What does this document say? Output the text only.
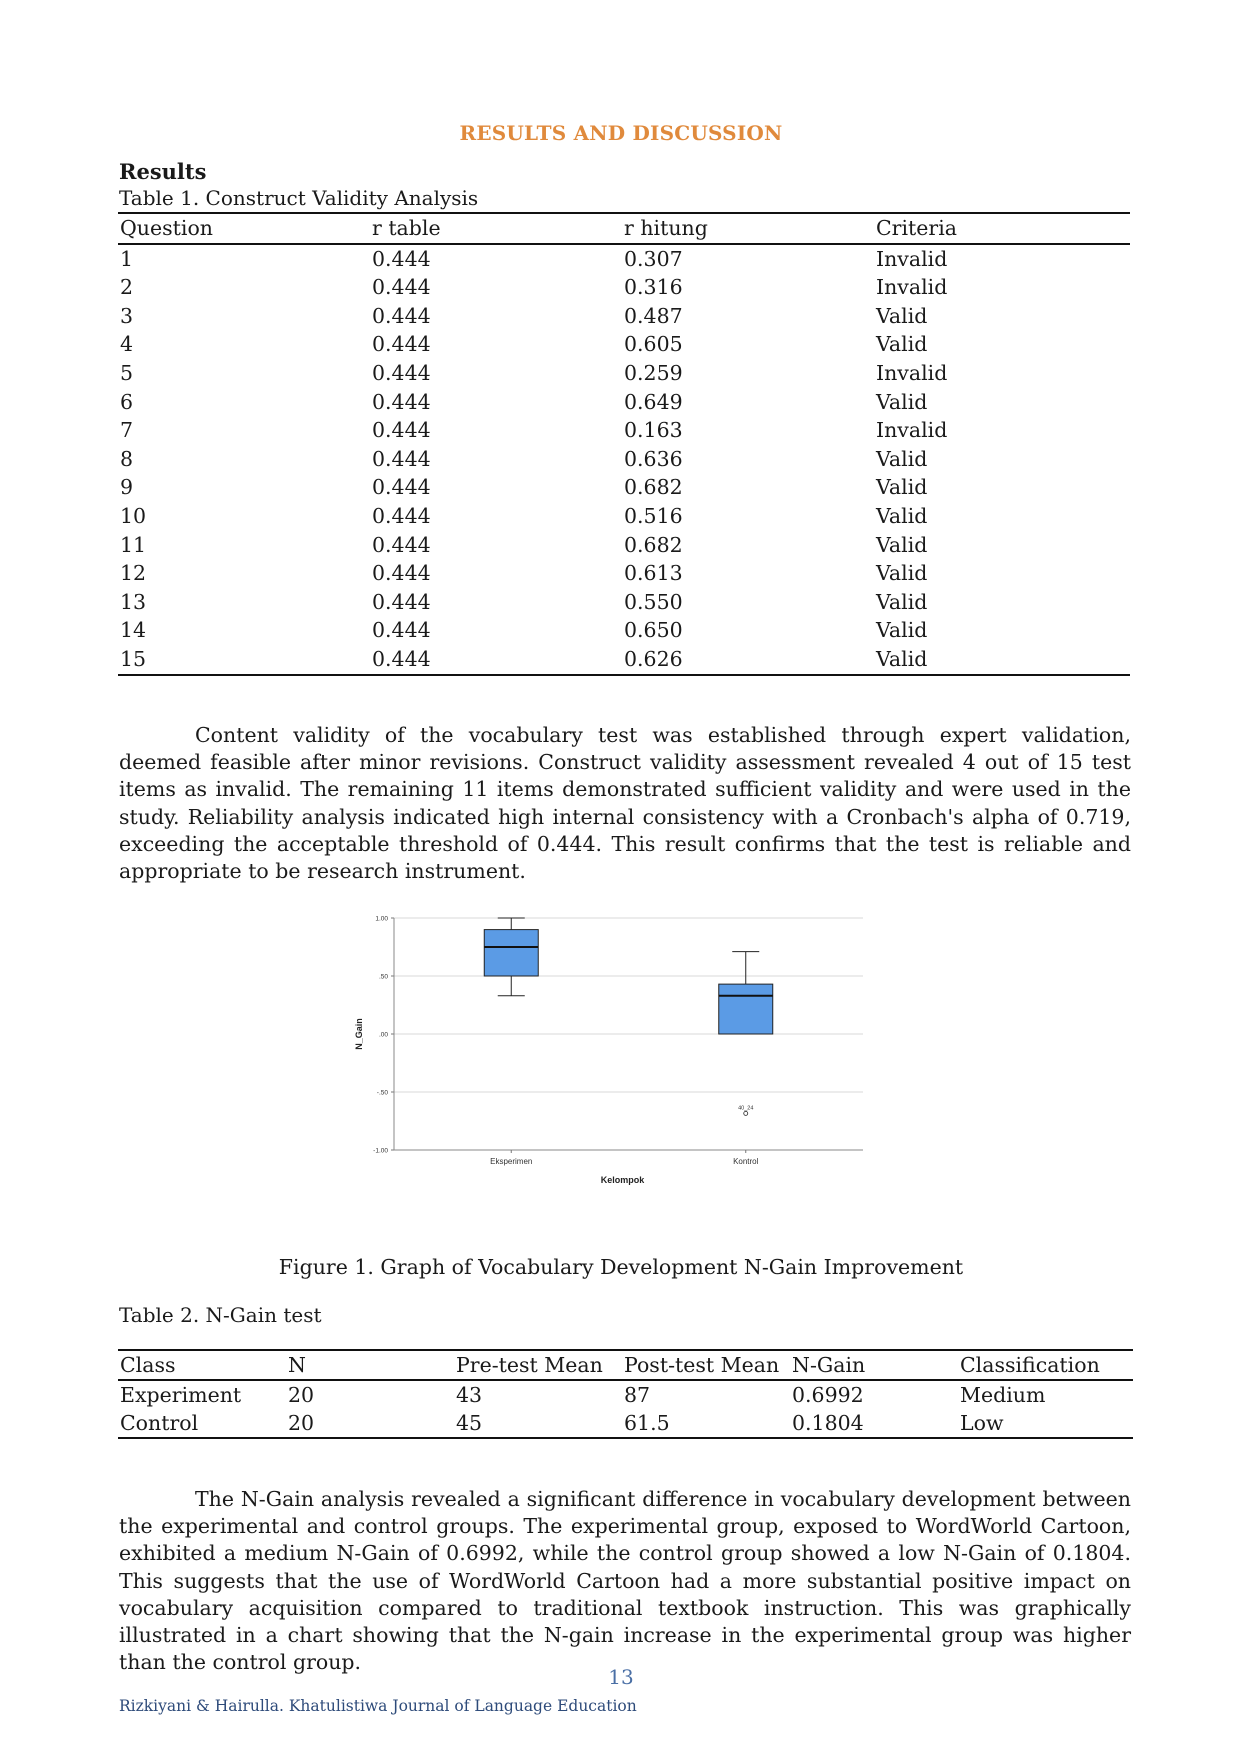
RESULTS AND DISCUSSION
Results
Table 1. Construct Validity Analysis
Question	r table	r hitung	Criteria
1	0.444	0.307	Invalid
2	0.444	0.316	Invalid
3	0.444	0.487	Valid
4	0.444	0.605	Valid
5	0.444	0.259	Invalid
6	0.444	0.649	Valid
7	0.444	0.163	Invalid
8	0.444	0.636	Valid
9	0.444	0.682	Valid
10	0.444	0.516	Valid
11	0.444	0.682	Valid
12	0.444	0.613	Valid
13	0.444	0.550	Valid
14	0.444	0.650	Valid
15	0.444	0.626	Valid
Content validity of the vocabulary test was established through expert validation, deemed feasible after minor revisions. Construct validity assessment revealed 4 out of 15 test items as invalid. The remaining 11 items demonstrated sufficient validity and were used in the study. Reliability analysis indicated high internal consistency with a Cronbach's alpha of 0.719, exceeding the acceptable threshold of 0.444. This result confirms that the test is reliable and appropriate to be research instrument.
1.00
.50
.00
-.50
-1.00
Eksperimen	Kontrol
Kelompok
N_Gain
40_24
Figure 1. Graph of Vocabulary Development N-Gain Improvement
Table 2. N-Gain test
Class	N	Pre-test Mean	Post-test Mean	N-Gain	Classification
Experiment	20	43	87	0.6992	Medium
Control	20	45	61.5	0.1804	Low
The N-Gain analysis revealed a significant difference in vocabulary development between the experimental and control groups. The experimental group, exposed to WordWorld Cartoon, exhibited a medium N-Gain of 0.6992, while the control group showed a low N-Gain of 0.1804. This suggests that the use of WordWorld Cartoon had a more substantial positive impact on vocabulary acquisition compared to traditional textbook instruction. This was graphically illustrated in a chart showing that the N-gain increase in the experimental group was higher than the control group.
13
Rizkiyani & Hairulla. Khatulistiwa Journal of Language Education
